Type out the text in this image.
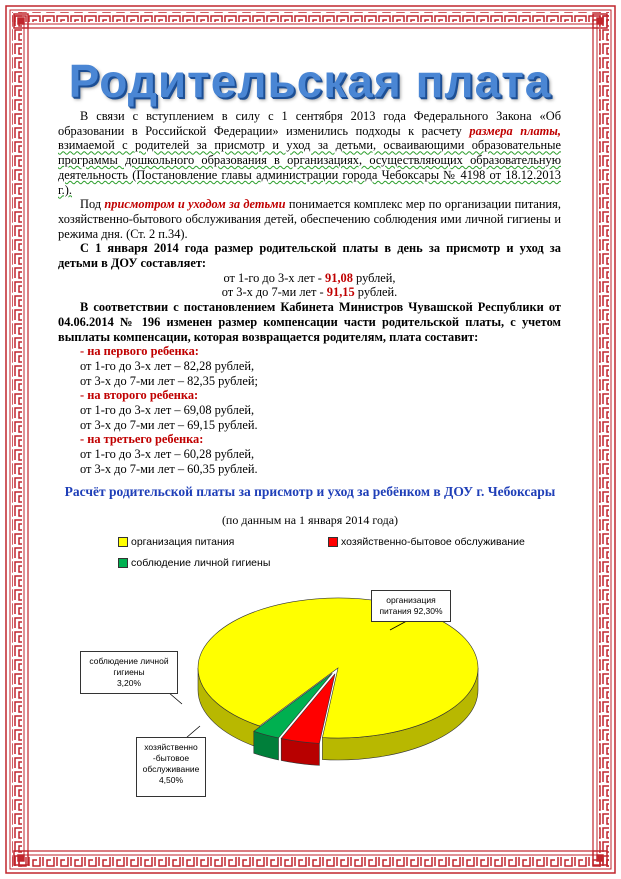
Родительская плата

В связи с вступлением в силу с 1 сентября 2013 года Федерального Закона «Об образовании в Российской Федерации» изменились подходы к расчету размера платы, взимаемой с родителей за присмотр и уход за детьми, осваивающими образовательные программы дошкольного образования в организациях, осуществляющих образовательную деятельность (Постановление главы администрации города Чебоксары № 4198 от 18.12.2013 г.).

Под присмотром и уходом за детьми понимается комплекс мер по организации питания, хозяйственно-бытового обслуживания детей, обеспечению соблюдения ими личной гигиены и режима дня. (Ст. 2 п.34).

С 1 января 2014 года размер родительской платы в день за присмотр и уход за детьми в ДОУ составляет:

от 1-го до 3-х лет - 91,08 рублей,

от 3-х до 7-ми лет - 91,15 рублей.

В соответствии с постановлением Кабинета Министров Чувашской Республики от 04.06.2014 № 196 изменен размер компенсации части родительской платы, с учетом выплаты компенсации, которая возвращается родителям, плата составит:

- на первого ребенка:
от 1-го до 3-х лет – 82,28 рублей,
от 3-х до 7-ми лет – 82,35 рублей;
- на второго ребенка:
от 1-го до 3-х лет – 69,08 рублей,
от 3-х до 7-ми лет – 69,15 рублей.
- на третьего ребенка:
от 1-го до 3-х лет – 60,28 рублей,
от 3-х до 7-ми лет – 60,35 рублей.
Расчёт родительской платы за присмотр и уход за ребёнком в ДОУ г. Чебоксары
(по данным на 1 января 2014 года)
организация питания	хозяйственно-бытовое обслуживание
соблюдение личной гигиены
организация
питания 92,30%
соблюдение личной
гигиены
3,20%
хозяйственно
-бытовое
обслуживание
4,50%
